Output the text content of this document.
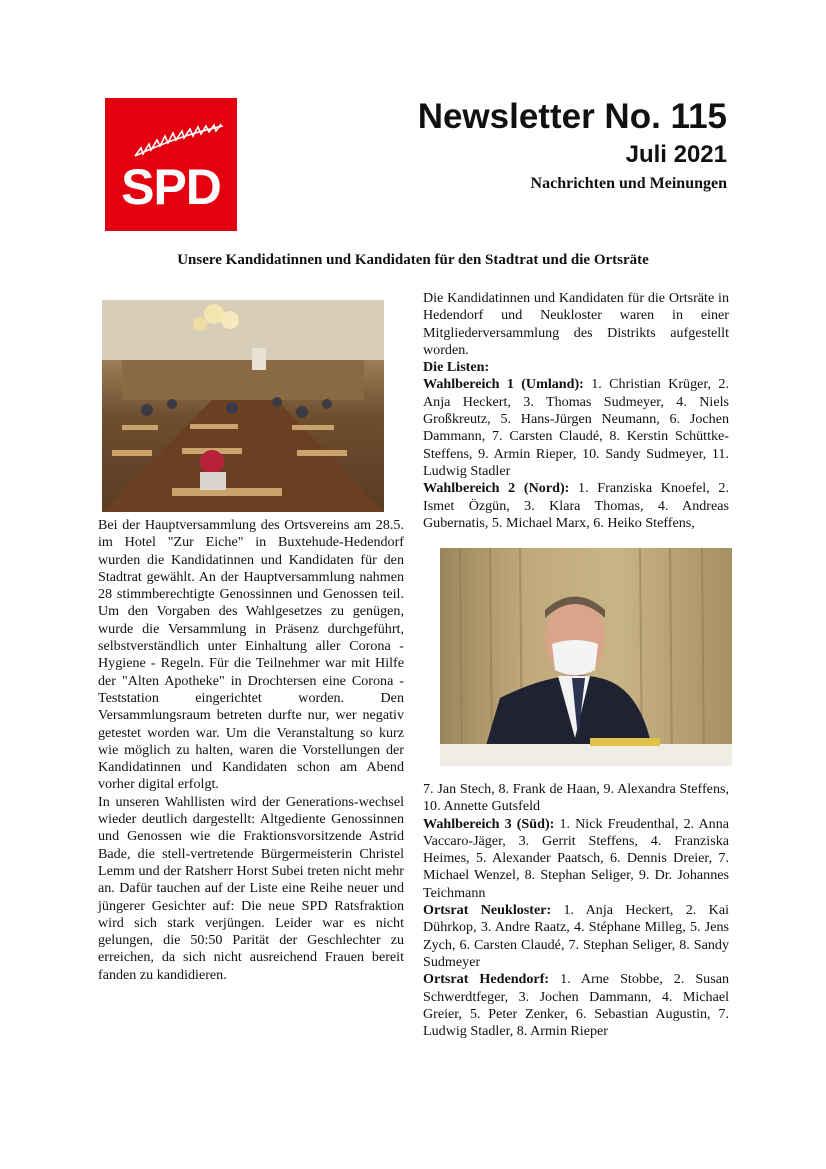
SPD
Newsletter No. 115
Juli 2021
Nachrichten und Meinungen
Unsere Kandidatinnen und Kandidaten für den Stadtrat und die Ortsräte

Bei der Hauptversammlung des Ortsvereins am 28.5. im Hotel "Zur Eiche" in Buxtehude-Hedendorf wurden die Kandidatinnen und Kandidaten für den Stadtrat gewählt. An der Hauptversammlung nahmen 28 stimmberechtigte Genossinnen und Genossen teil. Um den Vorgaben des Wahlgesetzes zu genügen, wurde die Versammlung in Präsenz durchgeführt, selbstverständlich unter Einhaltung aller Corona - Hygiene - Regeln. Für die Teilnehmer war mit Hilfe der "Alten Apotheke" in Drochtersen eine Corona - Teststation eingerichtet worden. Den Versammlungsraum betreten durfte nur, wer negativ getestet worden war. Um die Veranstaltung so kurz wie möglich zu halten, waren die Vorstellungen der Kandidatinnen und Kandidaten schon am Abend vorher digital erfolgt.

In unseren Wahllisten wird der Generations-wechsel wieder deutlich dargestellt: Altgediente Genossinnen und Genossen wie die Fraktionsvorsitzende Astrid Bade, die stell-vertretende Bürgermeisterin Christel Lemm und der Ratsherr Horst Subei treten nicht mehr an. Dafür tauchen auf der Liste eine Reihe neuer und jüngerer Gesichter auf: Die neue SPD Ratsfraktion wird sich stark verjüngen. Leider war es nicht gelungen, die 50:50 Parität der Geschlechter zu erreichen, da sich nicht ausreichend Frauen bereit fanden zu kandidieren.

Die Kandidatinnen und Kandidaten für die Ortsräte in Hedendorf und Neukloster waren in einer Mitgliederversammlung des Distrikts aufgestellt worden.

Die Listen:

Wahlbereich 1 (Umland): 1. Christian Krüger, 2. Anja Heckert, 3. Thomas Sudmeyer, 4. Niels Großkreutz, 5. Hans-Jürgen Neumann, 6. Jochen Dammann, 7. Carsten Claudé, 8. Kerstin Schüttke-Steffens, 9. Armin Rieper, 10. Sandy Sudmeyer, 11. Ludwig Stadler

Wahlbereich 2 (Nord): 1. Franziska Knoefel, 2. Ismet Özgün, 3. Klara Thomas, 4. Andreas Gubernatis, 5. Michael Marx, 6. Heiko Steffens,

7. Jan Stech, 8. Frank de Haan, 9. Alexandra Steffens, 10. Annette Gutsfeld

Wahlbereich 3 (Süd): 1. Nick Freudenthal, 2. Anna Vaccaro-Jäger, 3. Gerrit Steffens, 4. Franziska Heimes, 5. Alexander Paatsch, 6. Dennis Dreier, 7. Michael Wenzel, 8. Stephan Seliger, 9. Dr. Johannes Teichmann

Ortsrat Neukloster: 1. Anja Heckert, 2. Kai Dührkop, 3. Andre Raatz, 4. Stéphane Milleg, 5. Jens Zych, 6. Carsten Claudé, 7. Stephan Seliger, 8. Sandy Sudmeyer

Ortsrat Hedendorf: 1. Arne Stobbe, 2. Susan Schwerdtfeger, 3. Jochen Dammann, 4. Michael Greier, 5. Peter Zenker, 6. Sebastian Augustin, 7. Ludwig Stadler, 8. Armin Rieper
